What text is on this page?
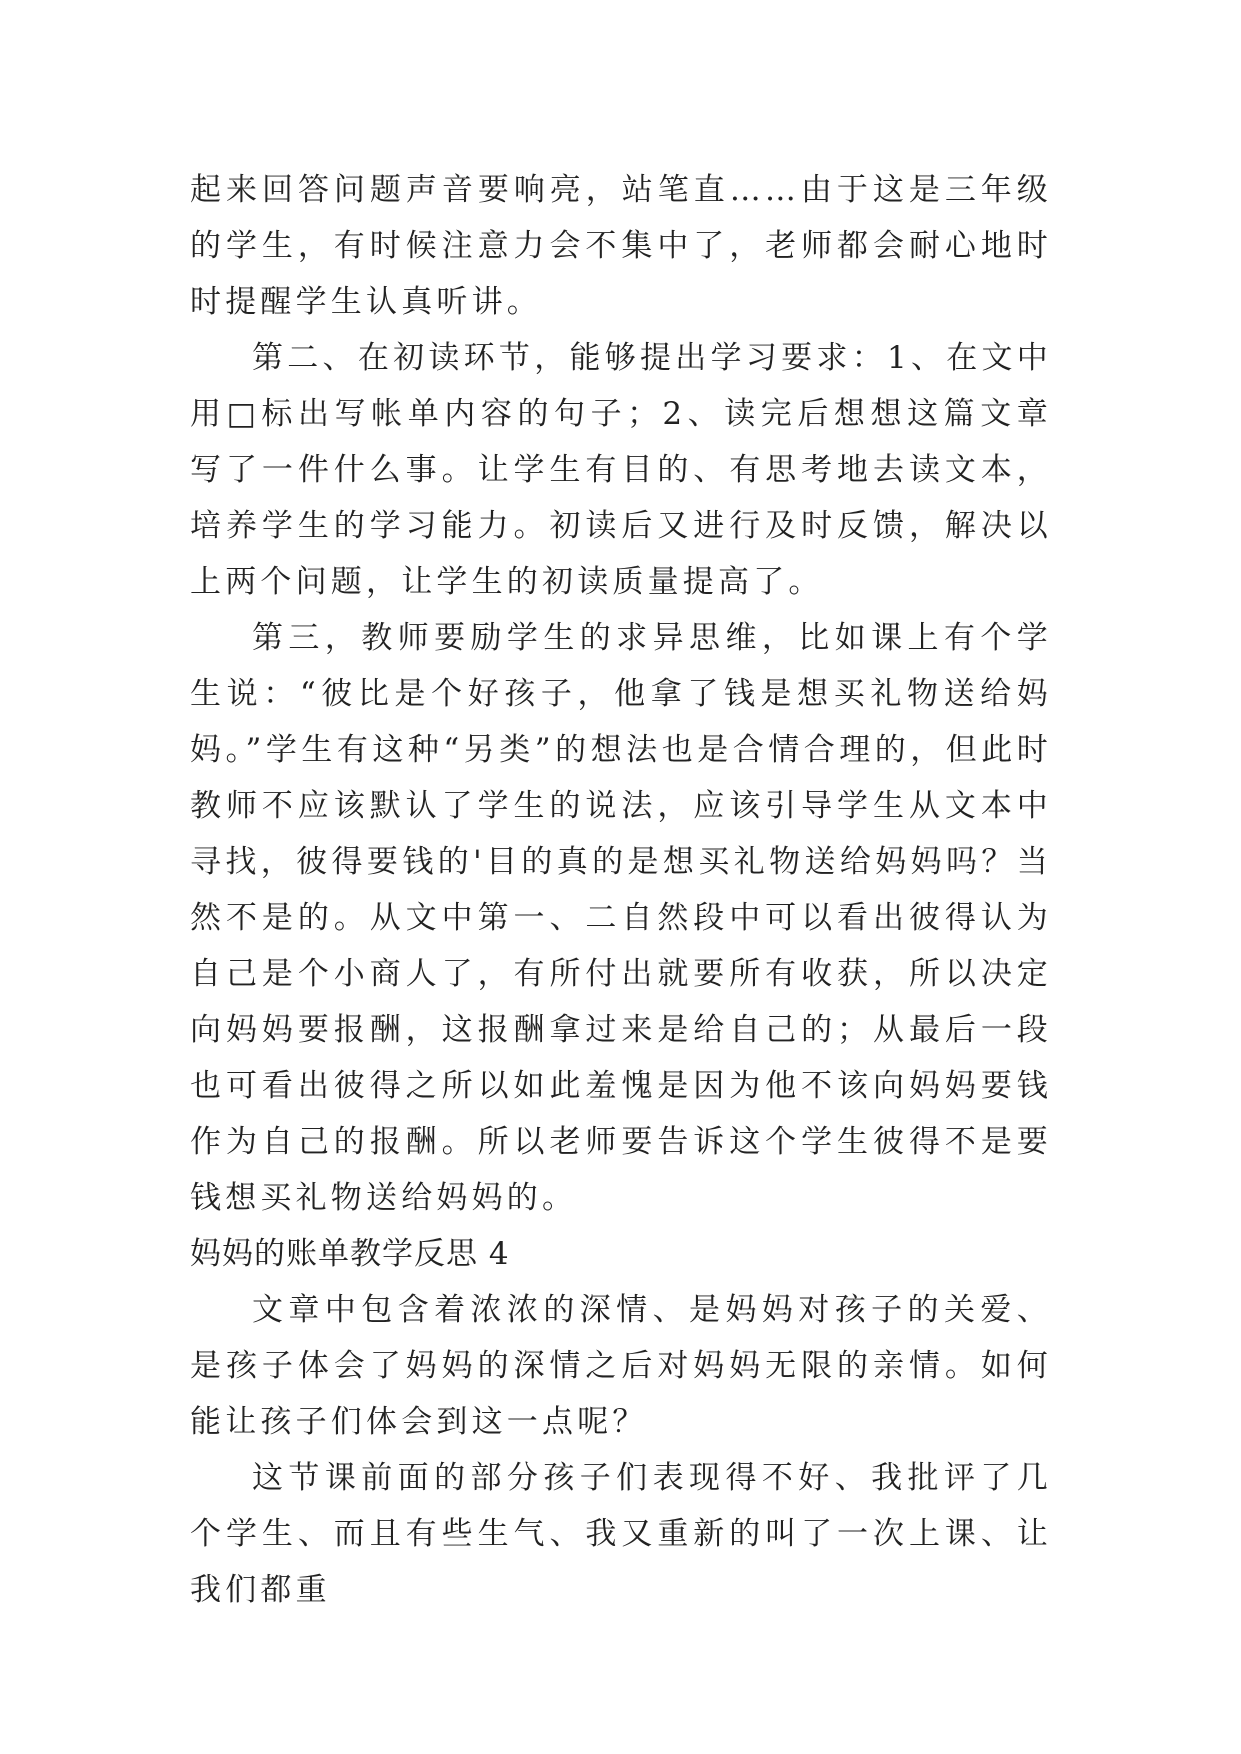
起来回答问题声音要响亮，站笔直……由于这是三年级的学生，有时候注意力会不集中了，老师都会耐心地时时提醒学生认真听讲。

第二、在初读环节，能够提出学习要求：1、在文中用□标出写帐单内容的句子；2、读完后想想这篇文章写了一件什么事。让学生有目的、有思考地去读文本，培养学生的学习能力。初读后又进行及时反馈，解决以上两个问题，让学生的初读质量提高了。

第三，教师要励学生的求异思维，比如课上有个学生说：“彼比是个好孩子，他拿了钱是想买礼物送给妈妈。”学生有这种“另类”的想法也是合情合理的，但此时教师不应该默认了学生的说法，应该引导学生从文本中寻找，彼得要钱的'目的真的是想买礼物送给妈妈吗？当然不是的。从文中第一、二自然段中可以看出彼得认为自己是个小商人了，有所付出就要所有收获，所以决定向妈妈要报酬，这报酬拿过来是给自己的；从最后一段也可看出彼得之所以如此羞愧是因为他不该向妈妈要钱作为自己的报酬。所以老师要告诉这个学生彼得不是要钱想买礼物送给妈妈的。

妈妈的账单教学反思 4

文章中包含着浓浓的深情、是妈妈对孩子的关爱、是孩子体会了妈妈的深情之后对妈妈无限的亲情。如何能让孩子们体会到这一点呢？

这节课前面的部分孩子们表现得不好、我批评了几个学生、而且有些生气、我又重新的叫了一次上课、让我们都重
